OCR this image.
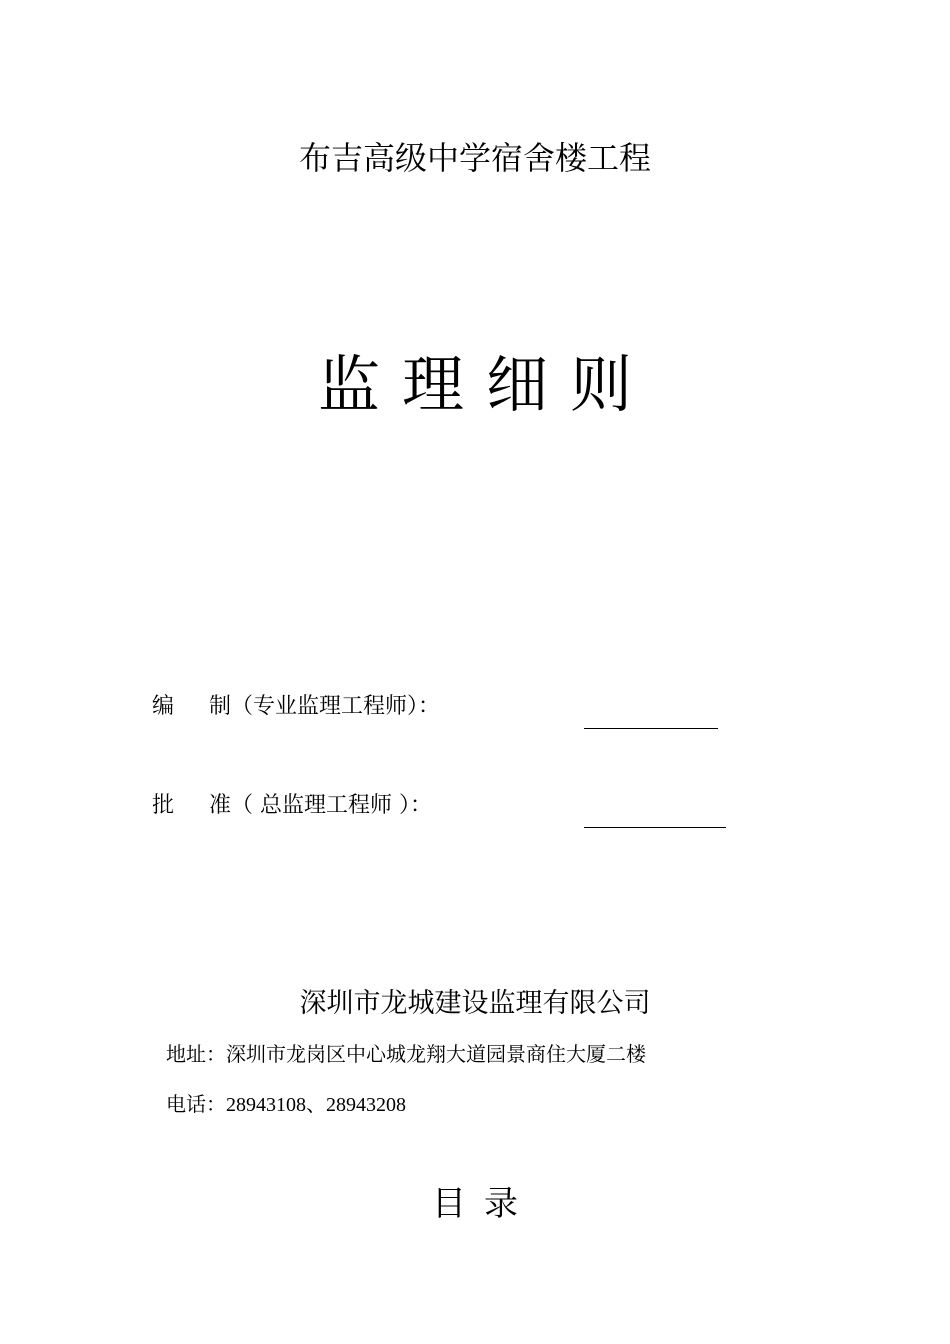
布吉高级中学宿舍楼工程
监理细则
编 制（专业监理工程师）：
批 准（ 总监理工程师 ）：
深圳市龙城建设监理有限公司
地址：深圳市龙岗区中心城龙翔大道园景商住大厦二楼
电话：28943108、28943208
目录
